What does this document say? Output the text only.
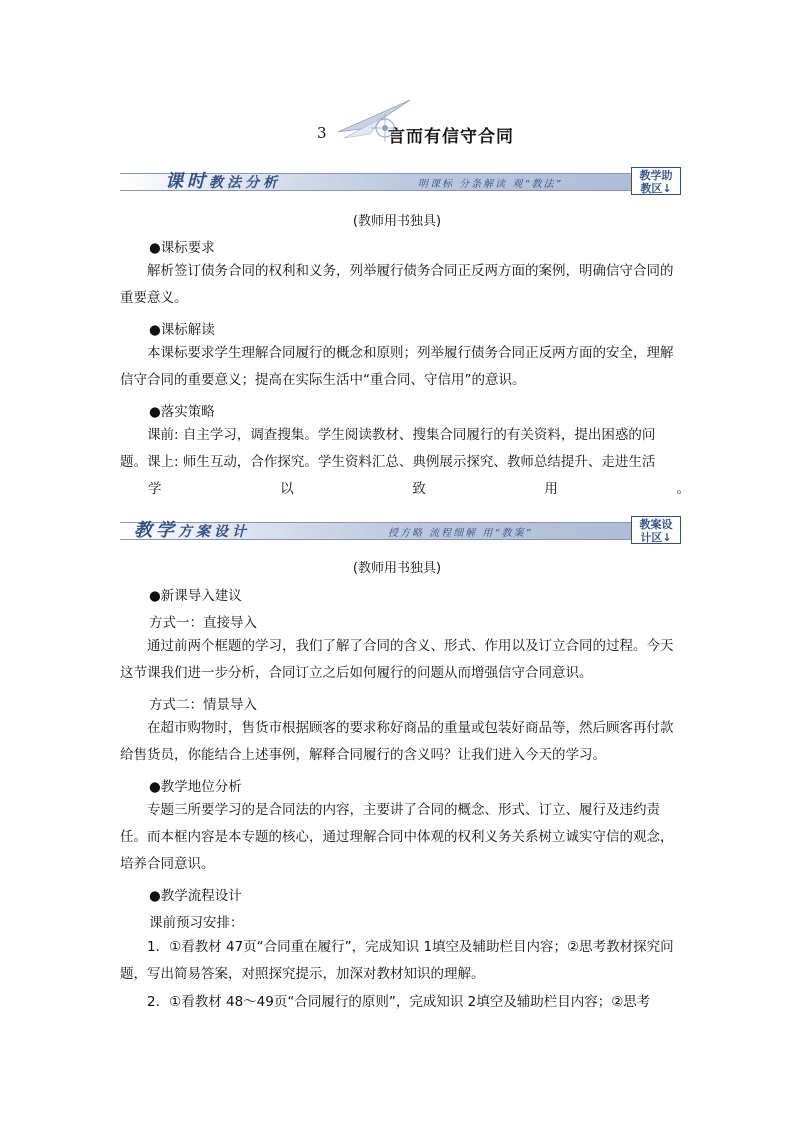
3	言而有信守合同
课时教法分析	明课标 分条解读 观“教法”
教学助
教区↓
(教师用书独具)
●课标要求
解析签订债务合同的权利和义务，列举履行债务合同正反两方面的案例，明确信守合同的重要意义。
●课标解读
本课标要求学生理解合同履行的概念和原则；列举履行债务合同正反两方面的安全，理解信守合同的重要意义；提高在实际生活中“重合同、守信用”的意识。
●落实策略
课前: 自主学习，调查搜集。学生阅读教材、搜集合同履行的有关资料，提出困惑的问题。课上: 师生互动，合作探究。学生资料汇总、典例展示探究、教师总结提升、走进生活
学	以	致	用	。
教学方案设计	授方略 流程细解 用“教案”
教案设
计区↓
(教师用书独具)
●新课导入建议
方式一：直接导入
通过前两个框题的学习，我们了解了合同的含义、形式、作用以及订立合同的过程。今天这节课我们进一步分析，合同订立之后如何履行的问题从而增强信守合同意识。
方式二：情景导入
在超市购物时，售货市根据顾客的要求称好商品的重量或包装好商品等，然后顾客再付款给售货员，你能结合上述事例，解释合同履行的含义吗？让我们进入今天的学习。
●教学地位分析
专题三所要学习的是合同法的内容，主要讲了合同的概念、形式、订立、履行及违约责任。而本框内容是本专题的核心，通过理解合同中体观的权利义务关系树立诚实守信的观念，培养合同意识。
●教学流程设计
课前预习安排：
1．①看教材 47页“合同重在履行”，完成知识 1填空及辅助栏目内容；②思考教材探究问题，写出简易答案，对照探究提示，加深对教材知识的理解。
2．①看教材 48～49页“合同履行的原则”，完成知识 2填空及辅助栏目内容；②思考
